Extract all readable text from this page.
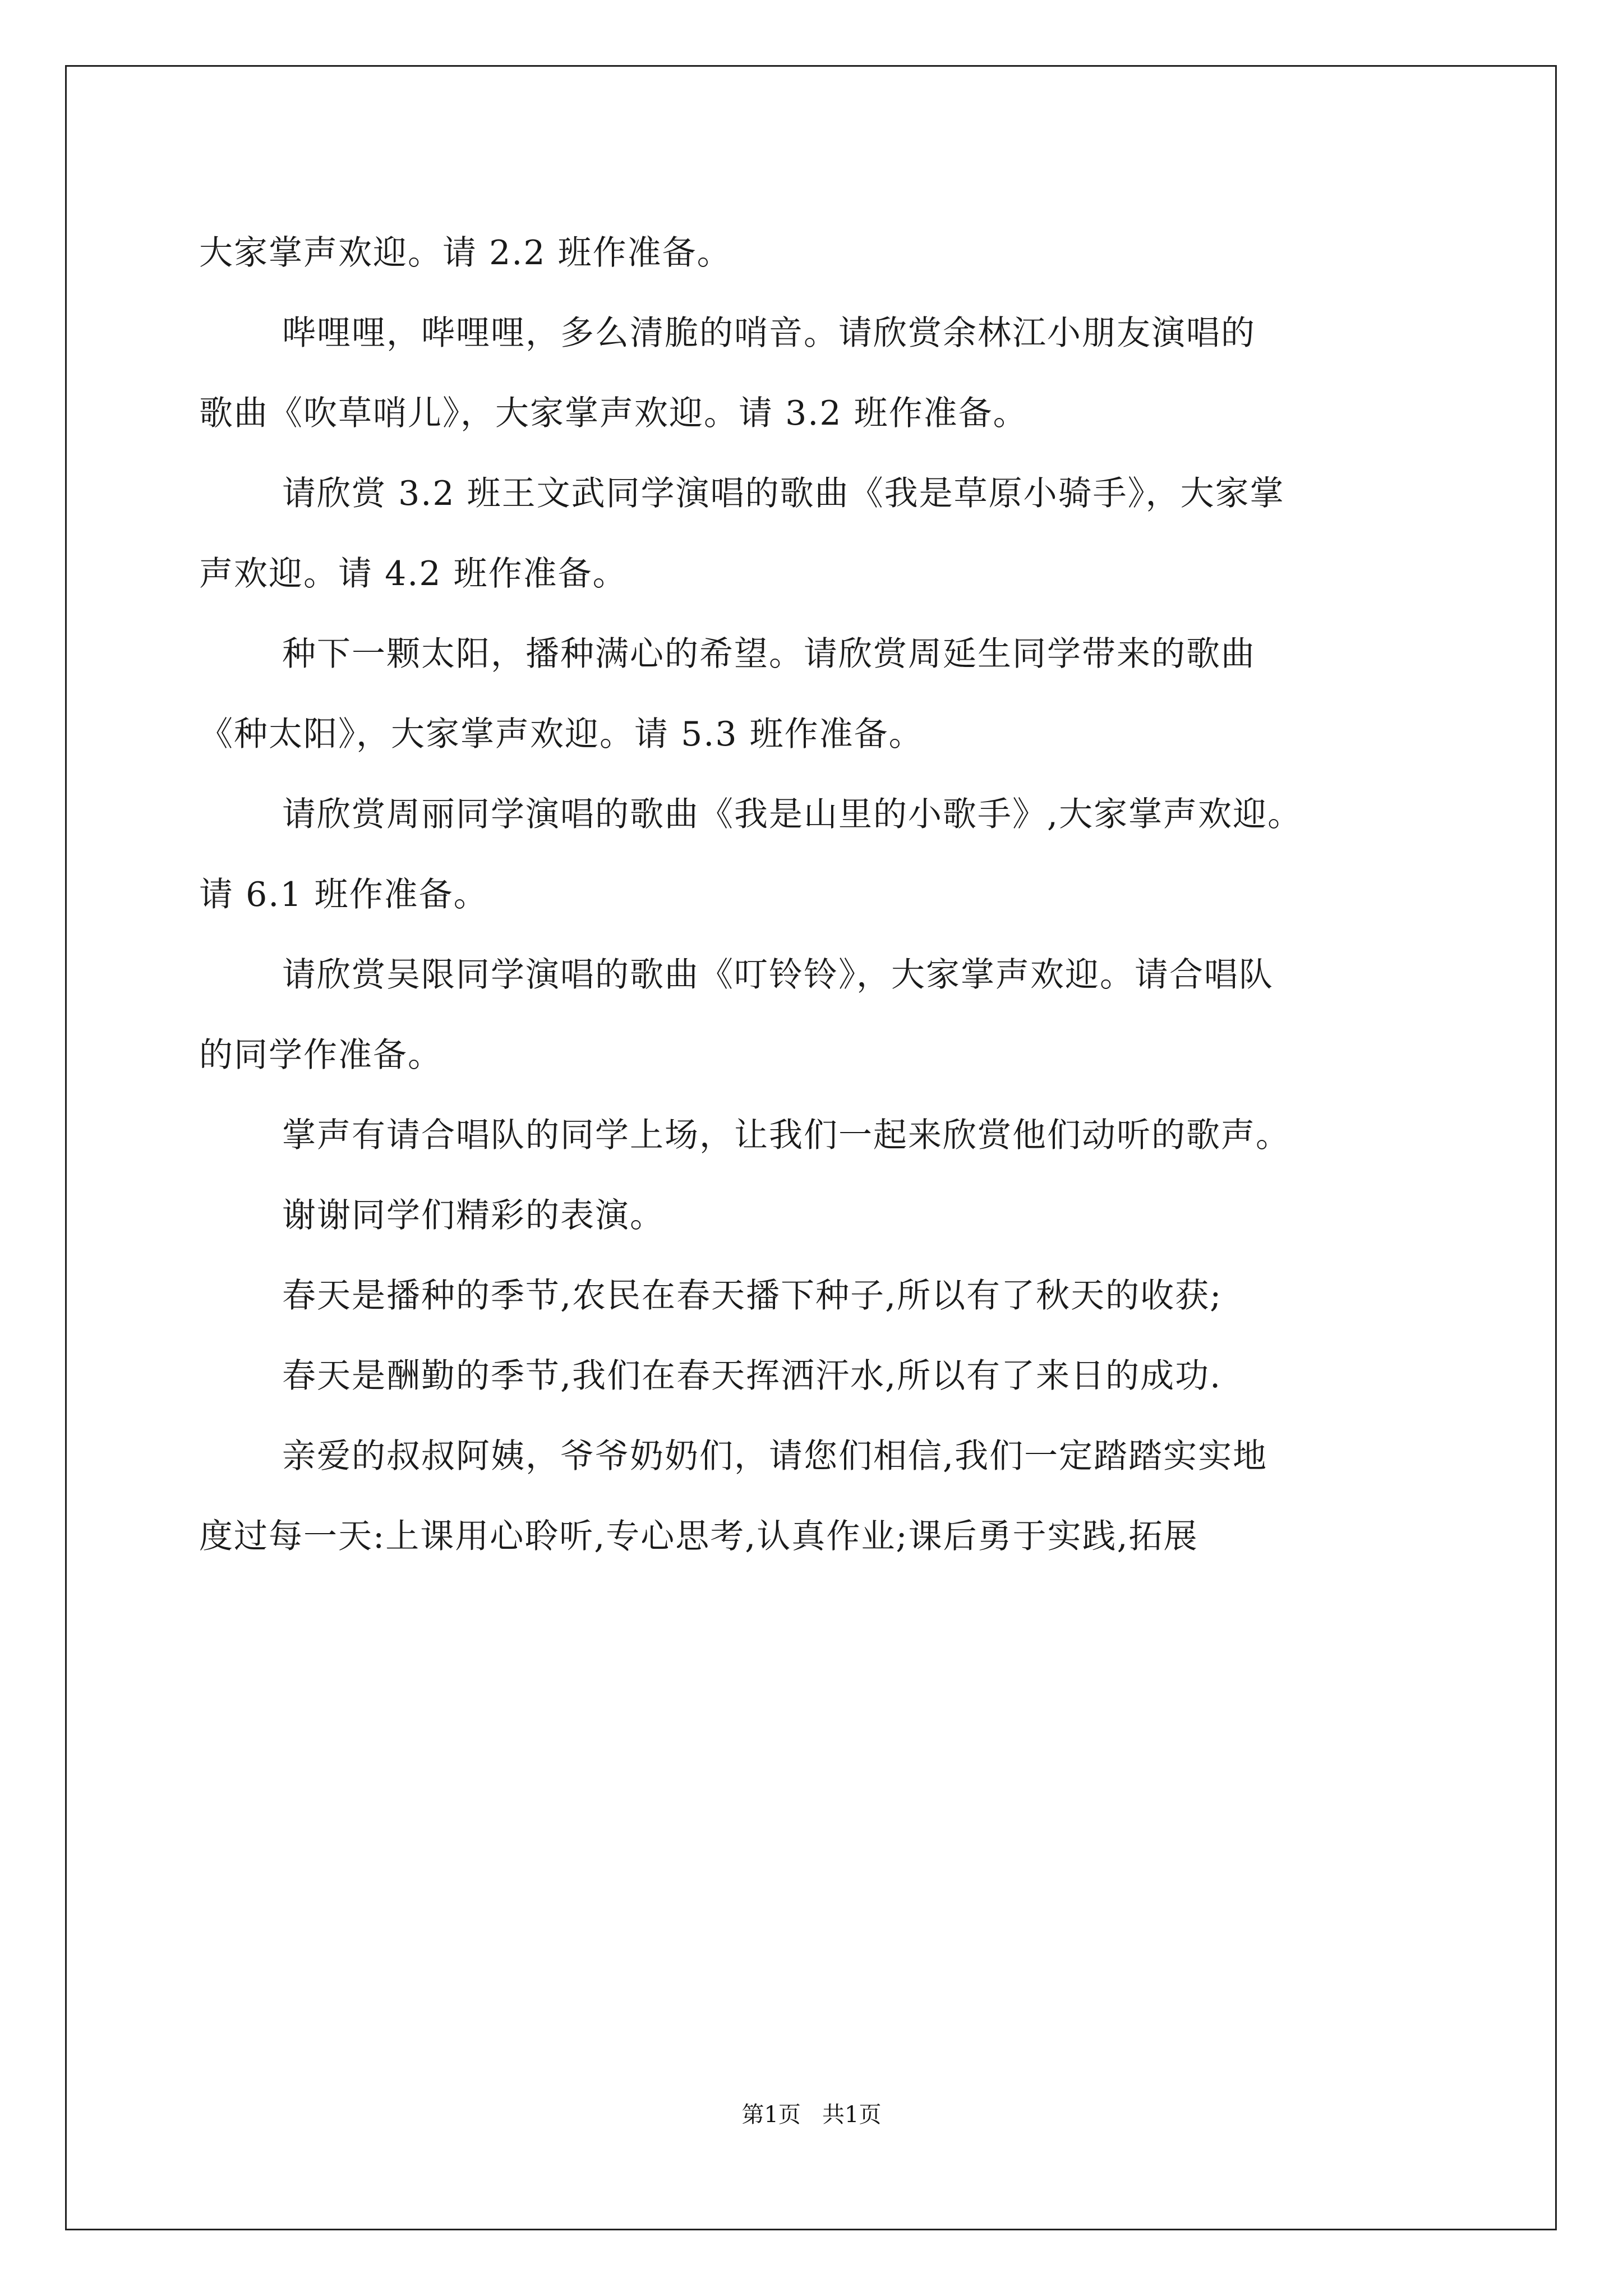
大家掌声欢迎。请 2.2 班作准备。
哔哩哩，哔哩哩，多么清脆的哨音。请欣赏余林江小朋友演唱的
歌曲《吹草哨儿》，大家掌声欢迎。请 3.2 班作准备。
请欣赏 3.2 班王文武同学演唱的歌曲《我是草原小骑手》，大家掌
声欢迎。请 4.2 班作准备。
种下一颗太阳，播种满心的希望。请欣赏周延生同学带来的歌曲
《种太阳》，大家掌声欢迎。请 5.3 班作准备。
请欣赏周丽同学演唱的歌曲《我是山里的小歌手》,大家掌声欢迎。
请 6.1 班作准备。
请欣赏吴限同学演唱的歌曲《叮铃铃》，大家掌声欢迎。请合唱队
的同学作准备。
掌声有请合唱队的同学上场，让我们一起来欣赏他们动听的歌声。
谢谢同学们精彩的表演。
春天是播种的季节,农民在春天播下种子,所以有了秋天的收获;
春天是酬勤的季节,我们在春天挥洒汗水,所以有了来日的成功.
亲爱的叔叔阿姨，爷爷奶奶们，请您们相信,我们一定踏踏实实地
度过每一天:上课用心聆听,专心思考,认真作业;课后勇于实践,拓展
第1页   共1页
